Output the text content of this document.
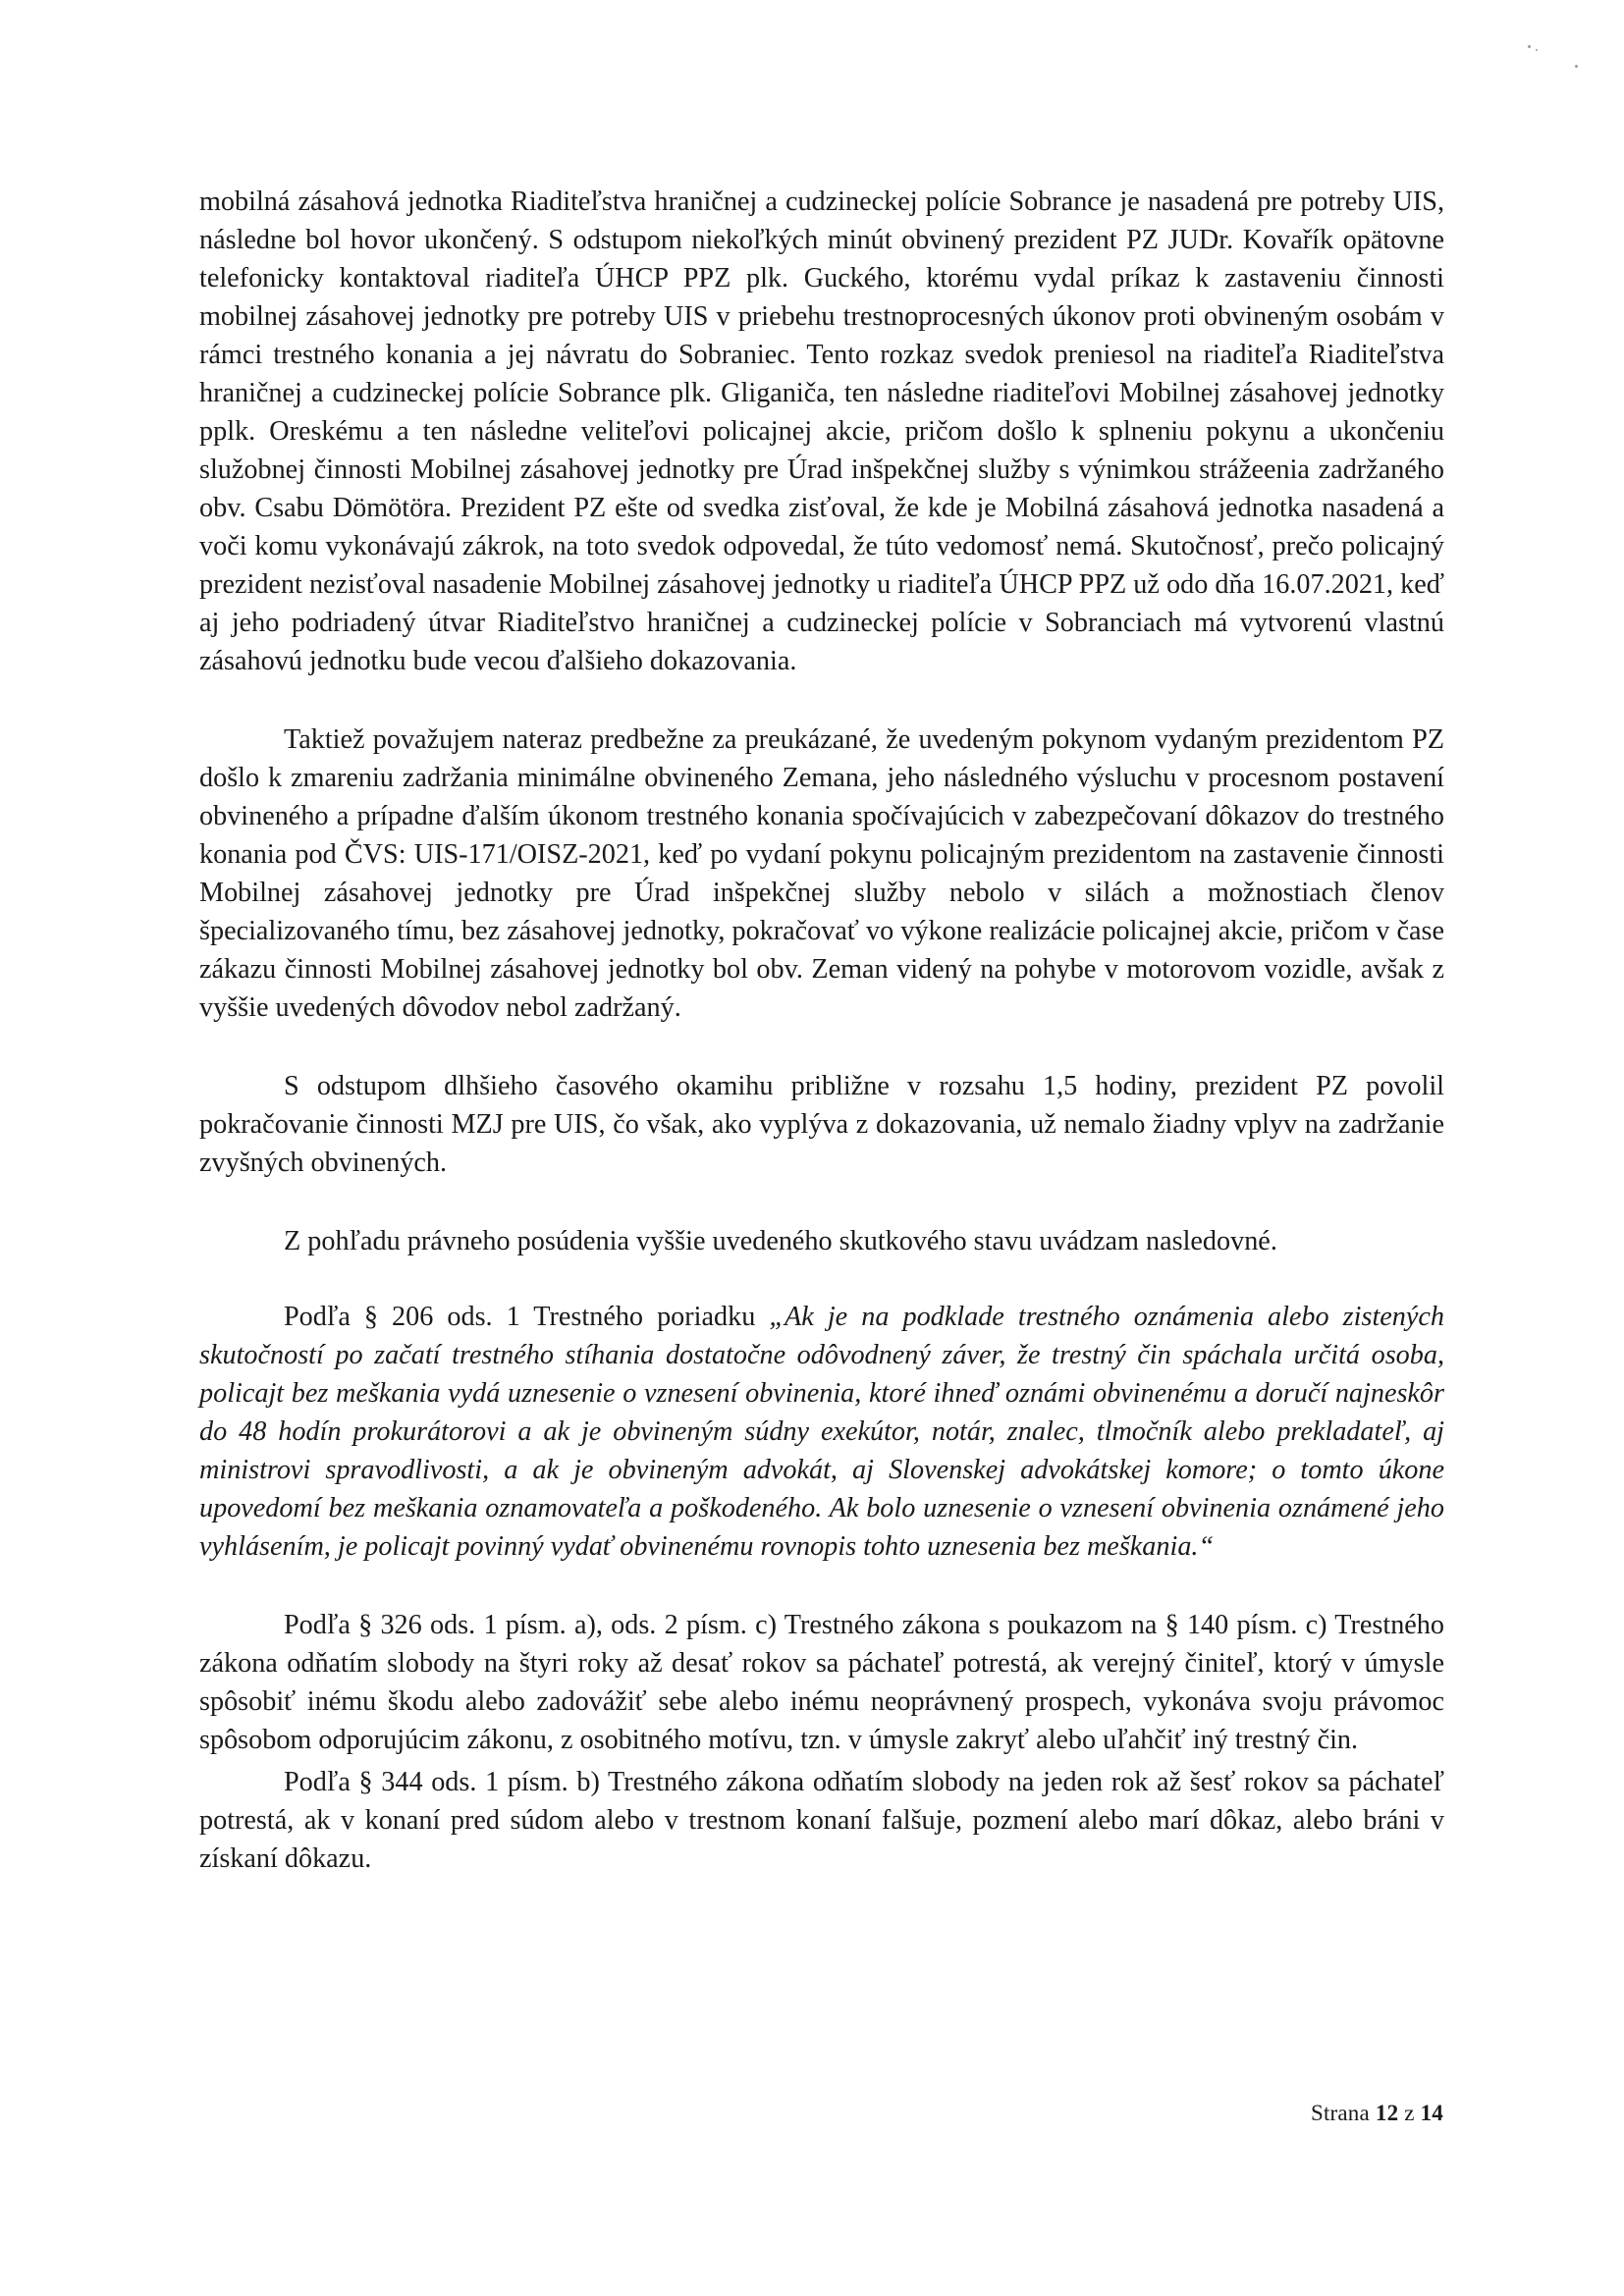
mobilná zásahová jednotka Riaditeľstva hraničnej a cudzineckej polície Sobrance je nasadená pre potreby UIS, následne bol hovor ukončený. S odstupom niekoľkých minút obvinený prezident PZ JUDr. Kovařík opätovne telefonicky kontaktoval riaditeľa ÚHCP PPZ plk. Guckého, ktorému vydal príkaz k zastaveniu činnosti mobilnej zásahovej jednotky pre potreby UIS v priebehu trestnoprocesných úkonov proti obvineným osobám v rámci trestného konania a jej návratu do Sobraniec. Tento rozkaz svedok preniesol na riaditeľa Riaditeľstva hraničnej a cudzineckej polície Sobrance plk. Gliganiča, ten následne riaditeľovi Mobilnej zásahovej jednotky pplk. Oreskému a ten následne veliteľovi policajnej akcie, pričom došlo k splneniu pokynu a ukončeniu služobnej činnosti Mobilnej zásahovej jednotky pre Úrad inšpekčnej služby s výnimkou strážeenia zadržaného obv. Csabu Dömötöra. Prezident PZ ešte od svedka zisťoval, že kde je Mobilná zásahová jednotka nasadená a voči komu vykonávajú zákrok, na toto svedok odpovedal, že túto vedomosť nemá. Skutočnosť, prečo policajný prezident nezisťoval nasadenie Mobilnej zásahovej jednotky u riaditeľa ÚHCP PPZ už odo dňa 16.07.2021, keď aj jeho podriadený útvar Riaditeľstvo hraničnej a cudzineckej polície v Sobranciach má vytvorenú vlastnú zásahovú jednotku bude vecou ďalšieho dokazovania.

Taktiež považujem nateraz predbežne za preukázané, že uvedeným pokynom vydaným prezidentom PZ došlo k zmareniu zadržania minimálne obvineného Zemana, jeho následného výsluchu v procesnom postavení obvineného a prípadne ďalším úkonom trestného konania spočívajúcich v zabezpečovaní dôkazov do trestného konania pod ČVS: UIS-171/OISZ-2021, keď po vydaní pokynu policajným prezidentom na zastavenie činnosti Mobilnej zásahovej jednotky pre Úrad inšpekčnej služby nebolo v silách a možnostiach členov špecializovaného tímu, bez zásahovej jednotky, pokračovať vo výkone realizácie policajnej akcie, pričom v čase zákazu činnosti Mobilnej zásahovej jednotky bol obv. Zeman videný na pohybe v motorovom vozidle, avšak z vyššie uvedených dôvodov nebol zadržaný.

S odstupom dlhšieho časového okamihu približne v rozsahu 1,5 hodiny, prezident PZ povolil pokračovanie činnosti MZJ pre UIS, čo však, ako vyplýva z dokazovania, už nemalo žiadny vplyv na zadržanie zvyšných obvinených.

Z pohľadu právneho posúdenia vyššie uvedeného skutkového stavu uvádzam nasledovné.

Podľa § 206 ods. 1 Trestného poriadku „Ak je na podklade trestného oznámenia alebo zistených skutočností po začatí trestného stíhania dostatočne odôvodnený záver, že trestný čin spáchala určitá osoba, policajt bez meškania vydá uznesenie o vznesení obvinenia, ktoré ihneď oznámi obvinenému a doručí najneskôr do 48 hodín prokurátorovi a ak je obvineným súdny exekútor, notár, znalec, tlmočník alebo prekladateľ, aj ministrovi spravodlivosti, a ak je obvineným advokát, aj Slovenskej advokátskej komore; o tomto úkone upovedomí bez meškania oznamovateľa a poškodeného. Ak bolo uznesenie o vznesení obvinenia oznámené jeho vyhlásením, je policajt povinný vydať obvinenému rovnopis tohto uznesenia bez meškania.“

Podľa § 326 ods. 1 písm. a), ods. 2 písm. c) Trestného zákona s poukazom na § 140 písm. c) Trestného zákona odňatím slobody na štyri roky až desať rokov sa páchateľ potrestá, ak verejný činiteľ, ktorý v úmysle spôsobiť inému škodu alebo zadovážiť sebe alebo inému neoprávnený prospech, vykonáva svoju právomoc spôsobom odporujúcim zákonu, z osobitného motívu, tzn. v úmysle zakryť alebo uľahčiť iný trestný čin.

Podľa § 344 ods. 1 písm. b) Trestného zákona odňatím slobody na jeden rok až šesť rokov sa páchateľ potrestá, ak v konaní pred súdom alebo v trestnom konaní falšuje, pozmení alebo marí dôkaz, alebo bráni v získaní dôkazu.

Strana 12 z 14
